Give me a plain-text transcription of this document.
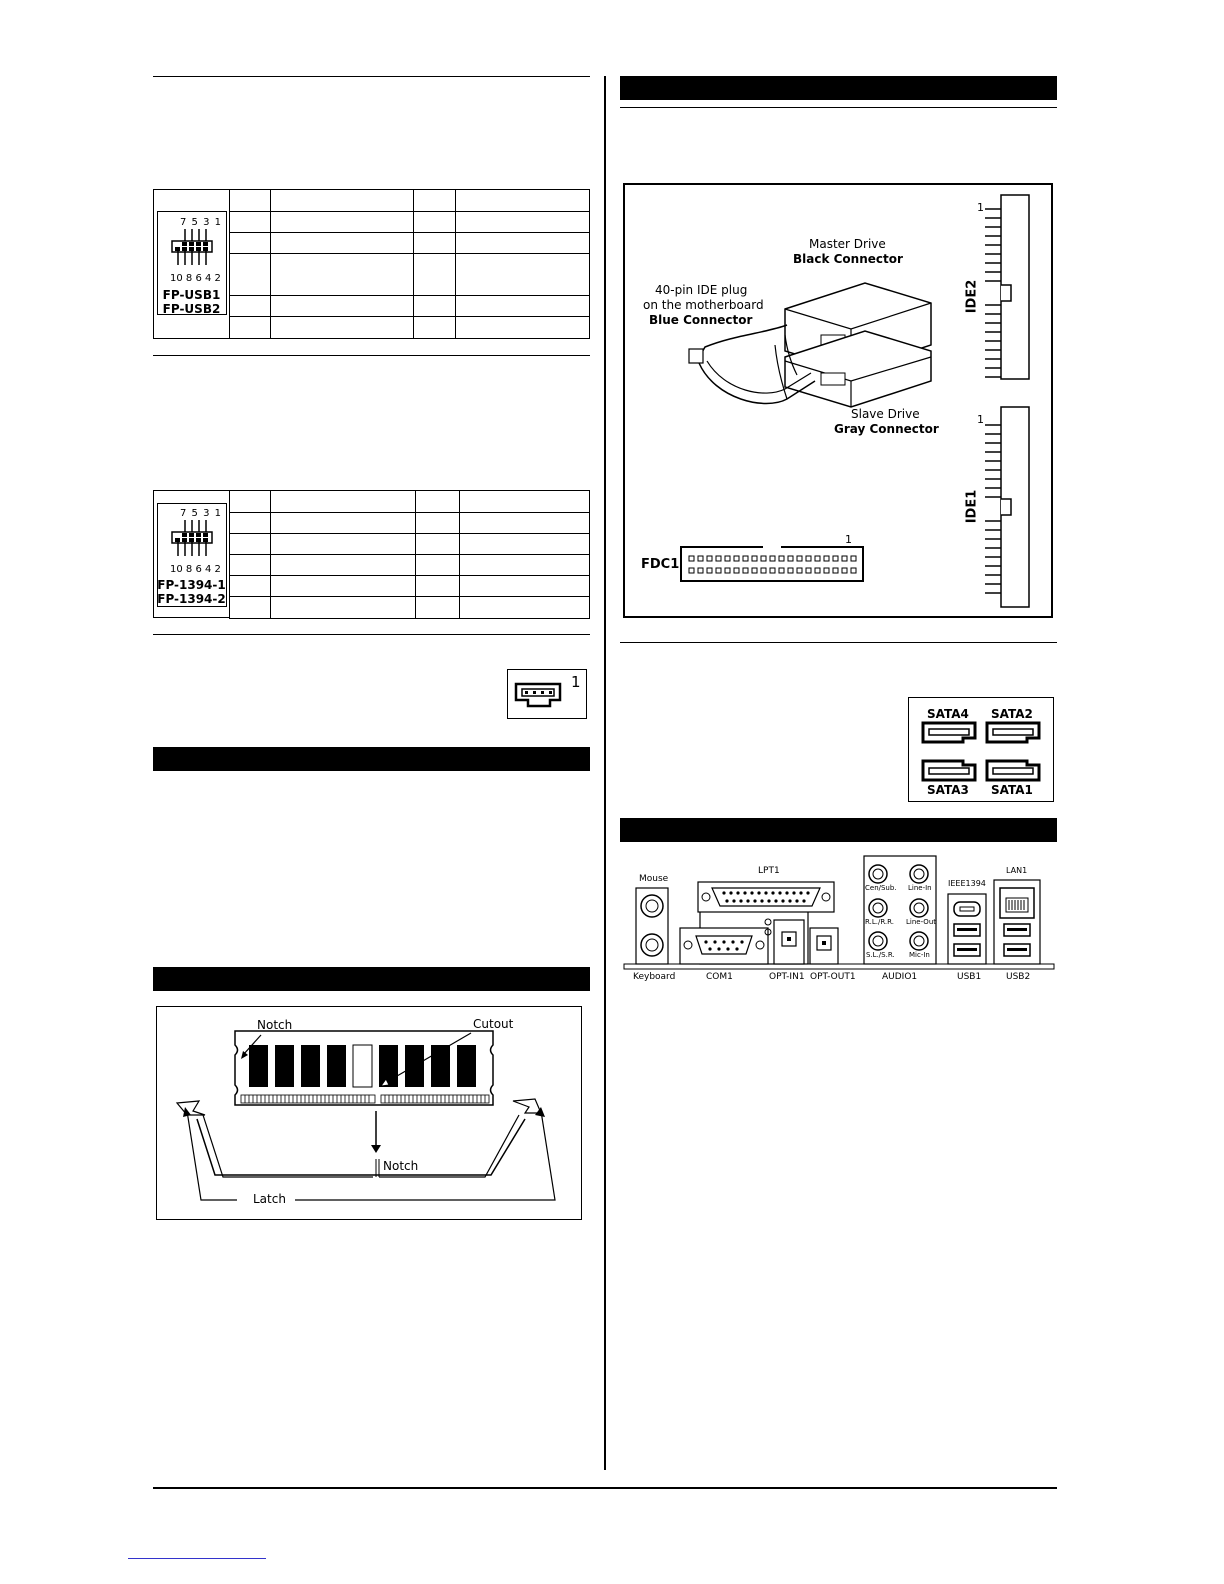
7 5 3 1
10 8 6 4 2
FP-USB1
FP-USB2

7 5 3 1
10 8 6 4 2
FP-1394-1
FP-1394-2

1
Notch	Cutout
Notch
Latch
Master Drive
Black Connector
40-pin IDE plug
on the motherboard
Blue Connector
Slave Drive
Gray Connector
1
IDE2
1
IDE1
FDC1
1
SATA4 SATA2
SATA3 SATA1
Mouse
Keyboard
LPT1
COM1	OPT-IN1 OPT-OUT1
Cen/Sub. Line-In
R.L./R.R. Line-Out
S.L./S.R. Mic-In
AUDIO1
IEEE1394
LAN1
USB1	USB2
